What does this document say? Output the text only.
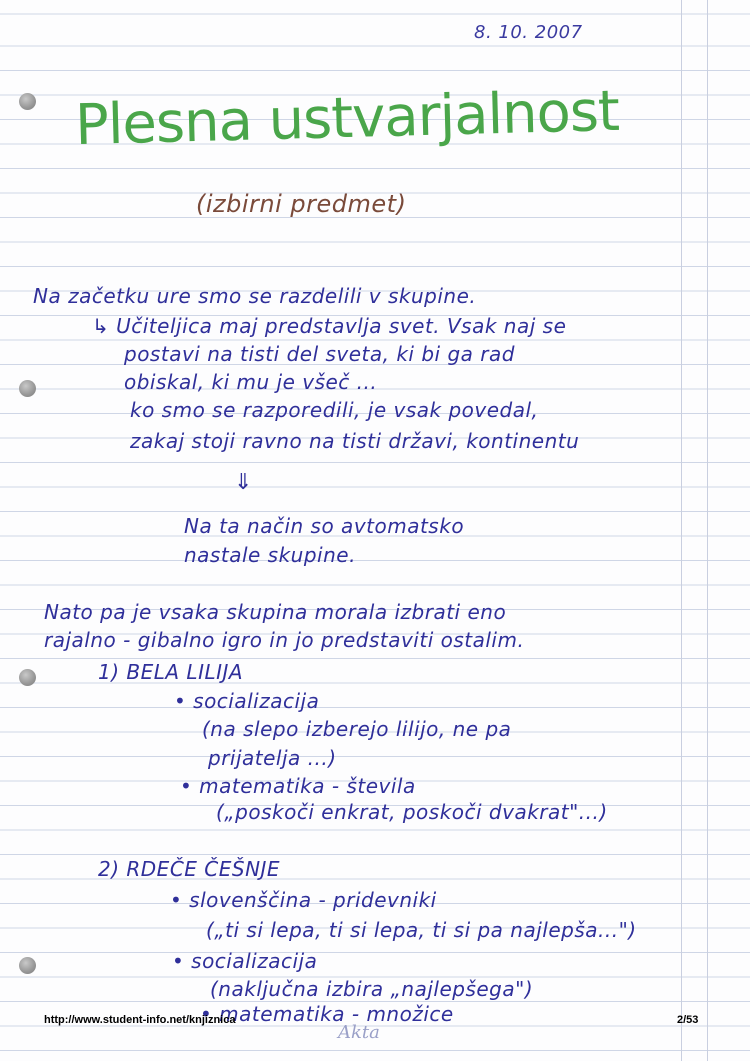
8. 10. 2007
Plesna ustvarjalnost
(izbirni predmet)
Na začetku ure smo se razdelili v skupine.
↳ Učiteljica maj predstavlja svet. Vsak naj se
postavi na tisti del sveta, ki bi ga rad
obiskal, ki mu je všeč ...
ko smo se razporedili, je vsak povedal,
zakaj stoji ravno na tisti državi, kontinentu
⇓
Na ta način so avtomatsko
nastale skupine.
Nato pa je vsaka skupina morala izbrati eno
rajalno - gibalno igro in jo predstaviti ostalim.
1) BELA LILIJA
• socializacija
(na slepo izberejo lilijo, ne pa
prijatelja ...)
• matematika - števila
(„poskoči enkrat, poskoči dvakrat"...)
2) RDEČE ČEŠNJE
• slovenščina - pridevniki
(„ti si lepa, ti si lepa, ti si pa najlepša...")
• socializacija
(naključna izbira „najlepšega")
• matematika - množice
http://www.student-info.net/knjiznica	2/53
Akta
